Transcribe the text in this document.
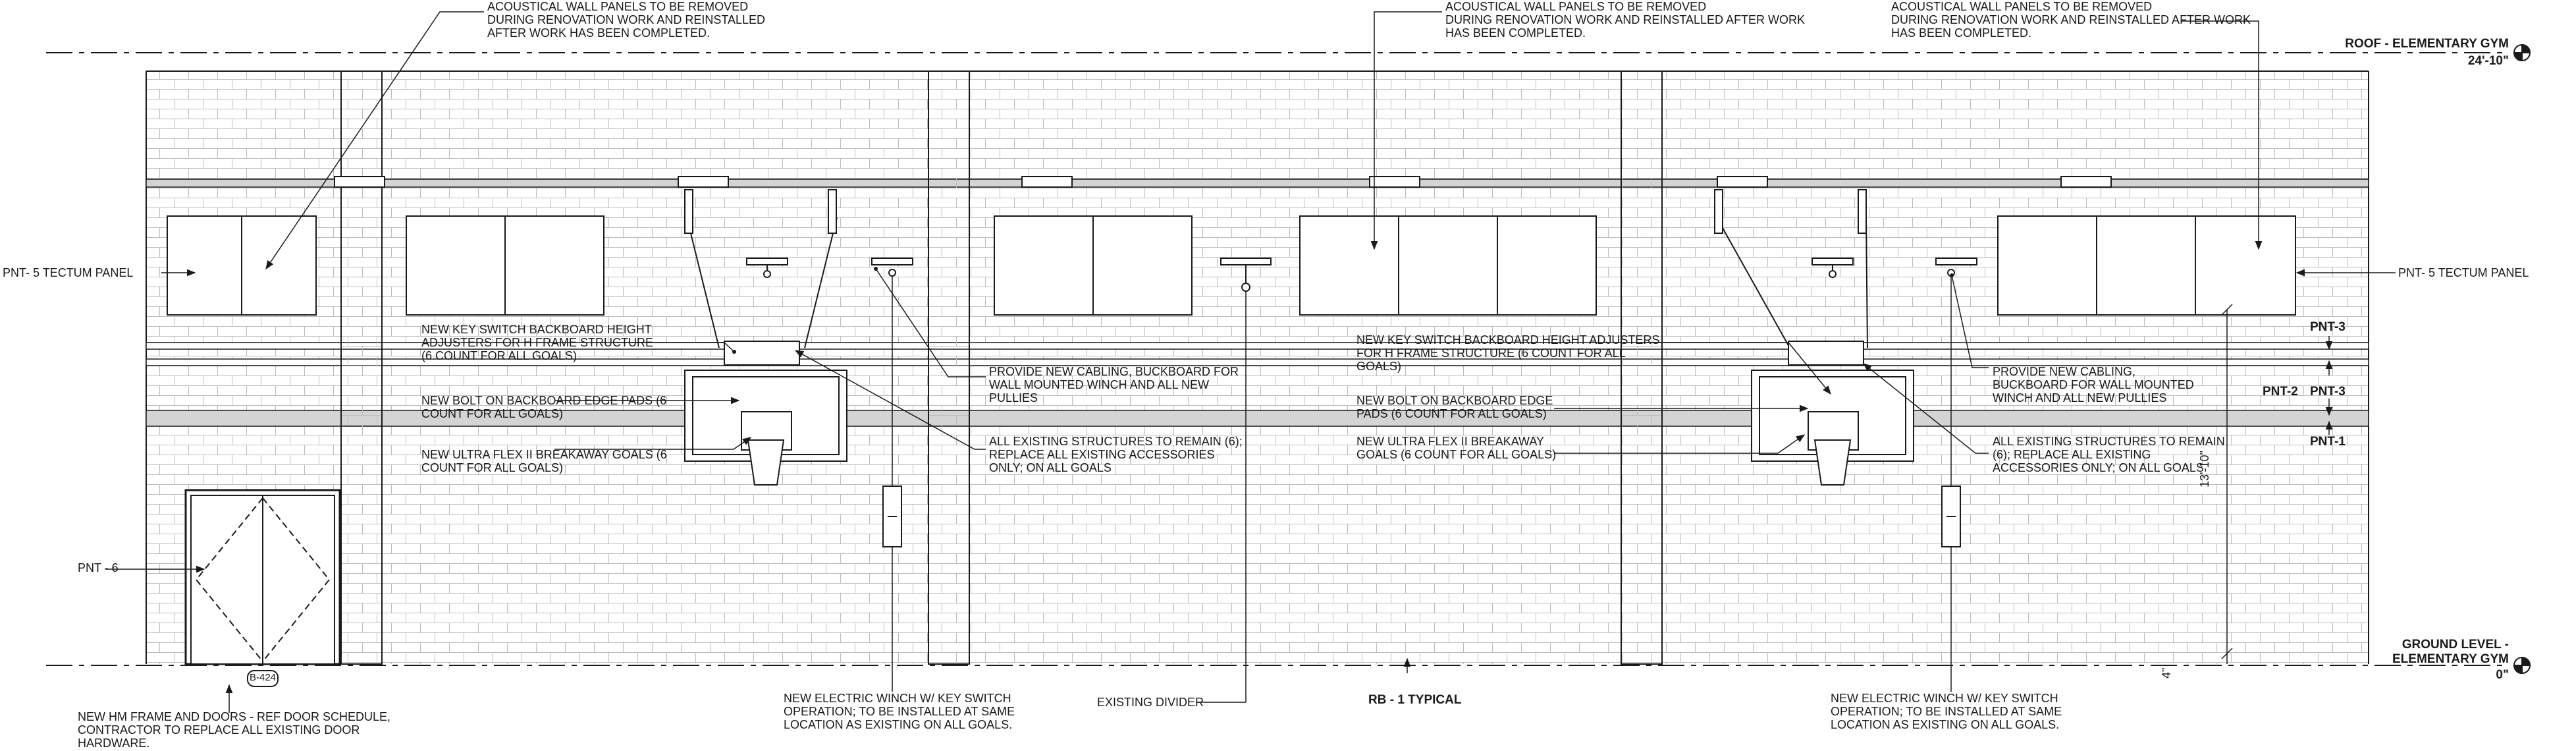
ROOF - ELEMENTARY GYM
24'-10"
GROUND LEVEL -
ELEMENTARY GYM
0"
13'-10"
4"
PNT- 5 TECTUM PANEL	PNT- 5 TECTUM PANEL
PNT - 6
PNT-3
PNT-2 PNT-3
PNT-1
B-424
RB - 1 TYPICAL
EXISTING DIVIDER
ACOUSTICAL WALL PANELS TO BE REMOVED
DURING RENOVATION WORK AND REINSTALLED
AFTER WORK HAS BEEN COMPLETED.
ACOUSTICAL WALL PANELS TO BE REMOVED
DURING RENOVATION WORK AND REINSTALLED AFTER WORK
HAS BEEN COMPLETED.
ACOUSTICAL WALL PANELS TO BE REMOVED
DURING RENOVATION WORK AND REINSTALLED AFTER WORK
HAS BEEN COMPLETED.
NEW KEY SWITCH BACKBOARD HEIGHT
ADJUSTERS FOR H FRAME STRUCTURE
(6 COUNT FOR ALL GOALS)
NEW BOLT ON BACKBOARD EDGE PADS (6
COUNT FOR ALL GOALS)
NEW ULTRA FLEX II BREAKAWAY GOALS (6
COUNT FOR ALL GOALS)
PROVIDE NEW CABLING, BUCKBOARD FOR
WALL MOUNTED WINCH AND ALL NEW
PULLIES
ALL EXISTING STRUCTURES TO REMAIN (6);
REPLACE ALL EXISTING ACCESSORIES
ONLY; ON ALL GOALS
NEW KEY SWITCH BACKBOARD HEIGHT ADJUSTERS
FOR H FRAME STRUCTURE (6 COUNT FOR ALL
GOALS)
NEW BOLT ON BACKBOARD EDGE
PADS (6 COUNT FOR ALL GOALS)
NEW ULTRA FLEX II BREAKAWAY
GOALS (6 COUNT FOR ALL GOALS)
PROVIDE NEW CABLING,
BUCKBOARD FOR WALL MOUNTED
WINCH AND ALL NEW PULLIES
ALL EXISTING STRUCTURES TO REMAIN
(6); REPLACE ALL EXISTING
ACCESSORIES ONLY; ON ALL GOALS
NEW HM FRAME AND DOORS - REF DOOR SCHEDULE,
CONTRACTOR TO REPLACE ALL EXISTING DOOR
HARDWARE.
NEW ELECTRIC WINCH W/ KEY SWITCH
OPERATION; TO BE INSTALLED AT SAME
LOCATION AS EXISTING ON ALL GOALS.
NEW ELECTRIC WINCH W/ KEY SWITCH
OPERATION; TO BE INSTALLED AT SAME
LOCATION AS EXISTING ON ALL GOALS.
